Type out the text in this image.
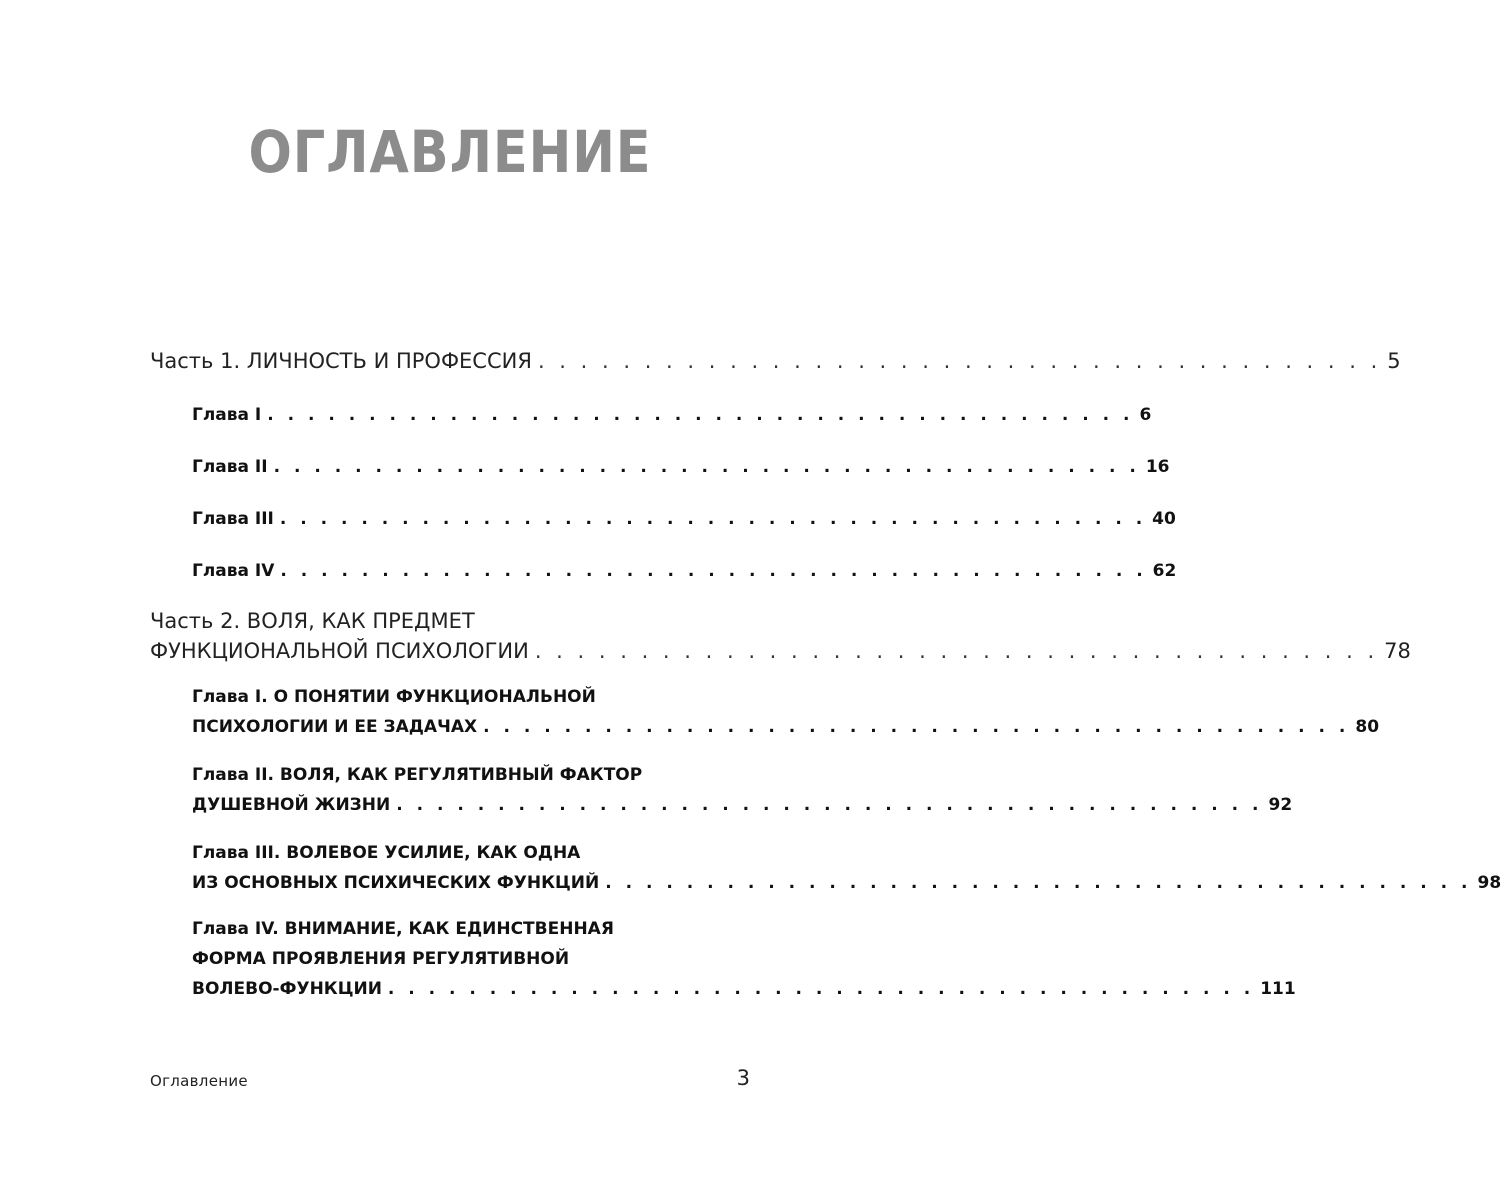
ОГЛАВЛЕНИЕ
Часть 1. ЛИЧНОСТЬ И ПРОФЕССИЯ . . . . . . . . . . . . . . . . . . . . . . . . . . . . . . . . . . . . . . . . 5
Глава I . . . . . . . . . . . . . . . . . . . . . . . . . . . . . . . . . . . . . . . . . . . 6
Глава II . . . . . . . . . . . . . . . . . . . . . . . . . . . . . . . . . . . . . . . . . . . 16
Глава III . . . . . . . . . . . . . . . . . . . . . . . . . . . . . . . . . . . . . . . . . . . 40
Глава IV . . . . . . . . . . . . . . . . . . . . . . . . . . . . . . . . . . . . . . . . . . . 62
Часть 2. ВОЛЯ, КАК ПРЕДМЕТ
ФУНКЦИОНАЛЬНОЙ ПСИХОЛОГИИ . . . . . . . . . . . . . . . . . . . . . . . . . . . . . . . . . . . . . . . . 78
Глава I. О ПОНЯТИИ ФУНКЦИОНАЛЬНОЙ
ПСИХОЛОГИИ И ЕЕ ЗАДАЧАХ . . . . . . . . . . . . . . . . . . . . . . . . . . . . . . . . . . . . . . . . . . . 80
Глава II. ВОЛЯ, КАК РЕГУЛЯТИВНЫЙ ФАКТОР
ДУШЕВНОЙ ЖИЗНИ . . . . . . . . . . . . . . . . . . . . . . . . . . . . . . . . . . . . . . . . . . . 92
Глава III. ВОЛЕВОЕ УСИЛИЕ, КАК ОДНА
ИЗ ОСНОВНЫХ ПСИХИЧЕСКИХ ФУНКЦИЙ . . . . . . . . . . . . . . . . . . . . . . . . . . . . . . . . . . . . . . . . . . . 98
Глава IV. ВНИМАНИЕ, КАК ЕДИНСТВЕННАЯ
ФОРМА ПРОЯВЛЕНИЯ РЕГУЛЯТИВНОЙ
ВОЛЕВО-ФУНКЦИИ . . . . . . . . . . . . . . . . . . . . . . . . . . . . . . . . . . . . . . . . . . . 111
Оглавление	3
